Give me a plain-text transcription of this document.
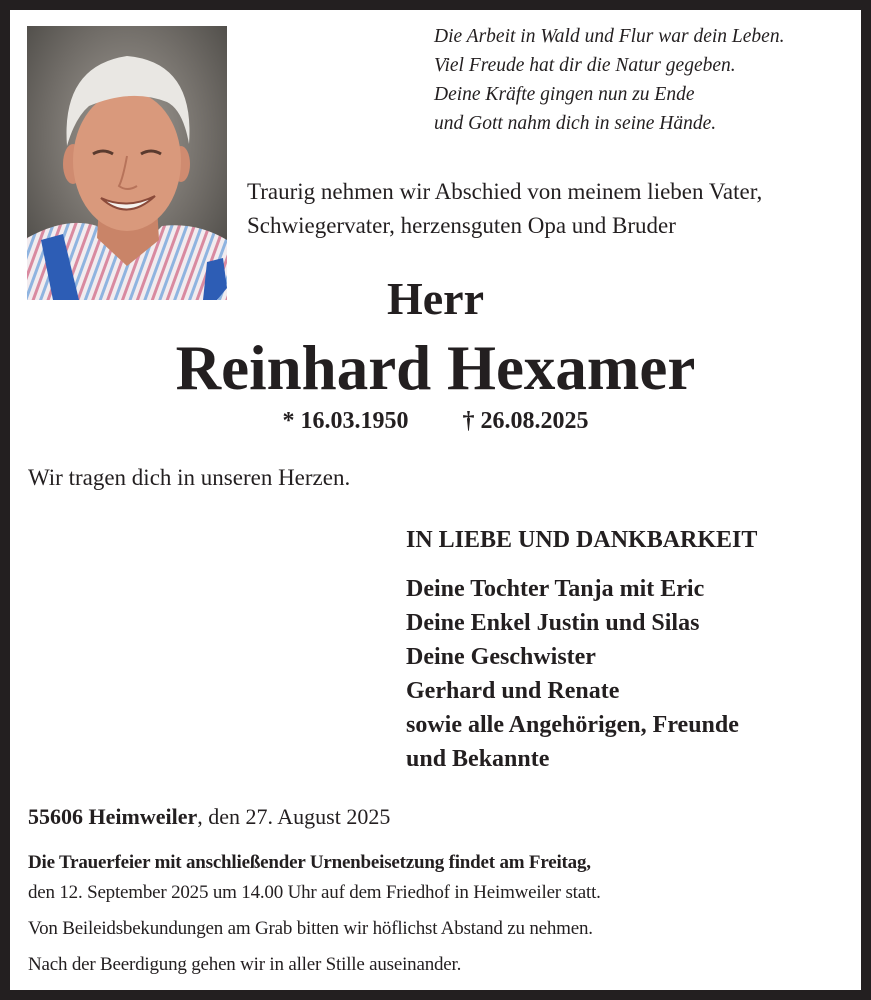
Die Arbeit in Wald und Flur war dein Leben.
Viel Freude hat dir die Natur gegeben.
Deine Kräfte gingen nun zu Ende
und Gott nahm dich in seine Hände.
Traurig nehmen wir Abschied von meinem lieben Vater,
Schwiegervater, herzensguten Opa und Bruder
Herr
Reinhard Hexamer
* 16.03.1950 † 26.08.2025
Wir tragen dich in unseren Herzen.
IN LIEBE UND DANKBARKEIT
Deine Tochter Tanja mit Eric
Deine Enkel Justin und Silas
Deine Geschwister
Gerhard und Renate
sowie alle Angehörigen, Freunde
und Bekannte
55606 Heimweiler, den 27. August 2025
Die Trauerfeier mit anschließender Urnenbeisetzung findet am Freitag,
den 12. September 2025 um 14.00 Uhr auf dem Friedhof in Heimweiler statt.
Von Beileidsbekundungen am Grab bitten wir höflichst Abstand zu nehmen.
Nach der Beerdigung gehen wir in aller Stille auseinander.
